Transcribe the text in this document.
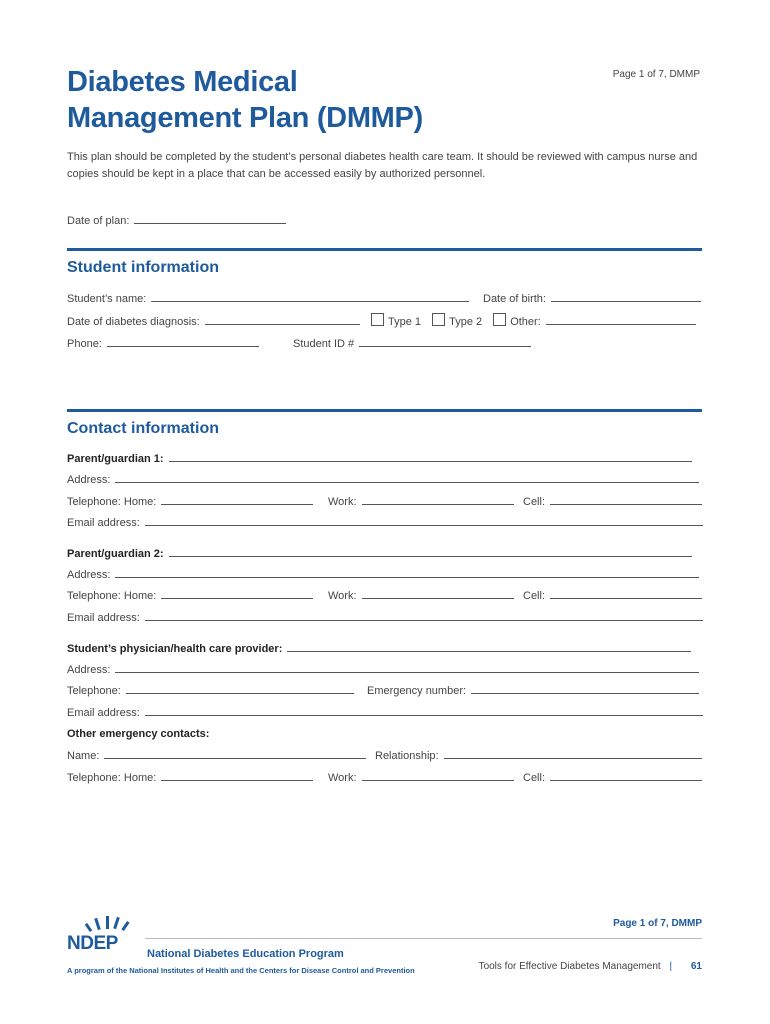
Diabetes Medical
Management Plan (DMMP)
Page 1 of 7, DMMP
This plan should be completed by the student’s personal diabetes health care team. It should be reviewed with campus nurse and copies should be kept in a place that can be accessed easily by authorized personnel.
Date of plan:
Student information
Student’s name:	Date of birth:
Date of diabetes diagnosis:	Type 1	Type 2	Other:
Phone:	Student ID #
Contact information
Parent/guardian 1:
Address:
Telephone: Home:	Work:	Cell:
Email address:
Parent/guardian 2:
Address:
Telephone: Home:	Work:	Cell:
Email address:
Student’s physician/health care provider:
Address:
Telephone:	Emergency number:
Email address:
Other emergency contacts:
Name:	Relationship:
Telephone: Home:	Work:	Cell:
Page 1 of 7, DMMP
NDEP	National Diabetes Education Program
A program of the National Institutes of Health and the Centers for Disease Control and Prevention	Tools for Effective Diabetes Management | 61
